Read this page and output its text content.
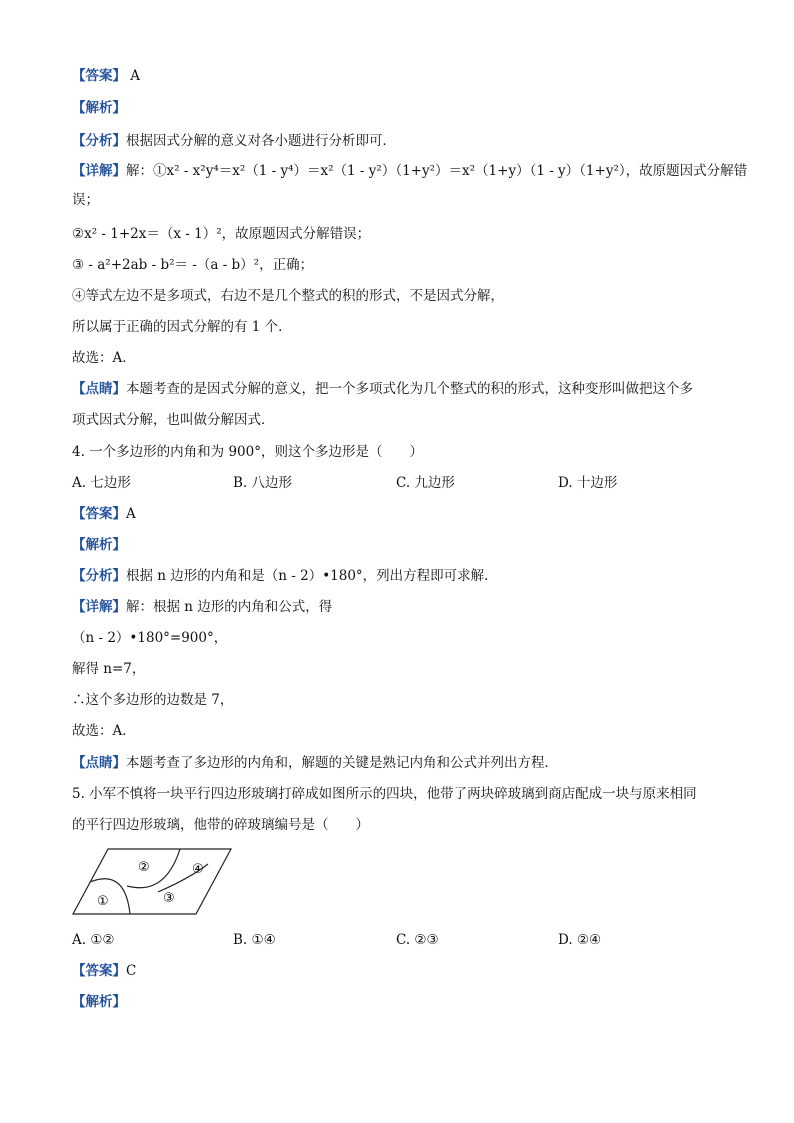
【答案】 A
【解析】
【分析】根据因式分解的意义对各小题进行分析即可．
【详解】解：①x² - x²y⁴＝x²（1 - y⁴）＝x²（1 - y²）（1+y²）＝x²（1+y）（1 - y）（1+y²），故原题因式分解错
误；
②x² - 1+2x＝（x - 1）²，故原题因式分解错误；
③ - a²+2ab - b²＝ -（a - b）²，正确；
④等式左边不是多项式，右边不是几个整式的积的形式，不是因式分解，
所以属于正确的因式分解的有 1 个．
故选：A．
【点睛】本题考查的是因式分解的意义，把一个多项式化为几个整式的积的形式，这种变形叫做把这个多
项式因式分解，也叫做分解因式．
4. 一个多边形的内角和为 900°，则这个多边形是（　　）
A. 七边形	B. 八边形	C. 九边形	D. 十边形
【答案】A
【解析】
【分析】根据 n 边形的内角和是（n - 2）•180°，列出方程即可求解．
【详解】解：根据 n 边形的内角和公式，得
（n - 2）•180°=900°，
解得 n=7，
∴这个多边形的边数是 7，
故选：A．
【点睛】本题考查了多边形的内角和，解题的关键是熟记内角和公式并列出方程．
5. 小军不慎将一块平行四边形玻璃打碎成如图所示的四块，他带了两块碎玻璃到商店配成一块与原来相同
的平行四边形玻璃，他带的碎玻璃编号是（　　）
②	④
①	③
A. ①②	B. ①④	C. ②③	D. ②④
【答案】C
【解析】
